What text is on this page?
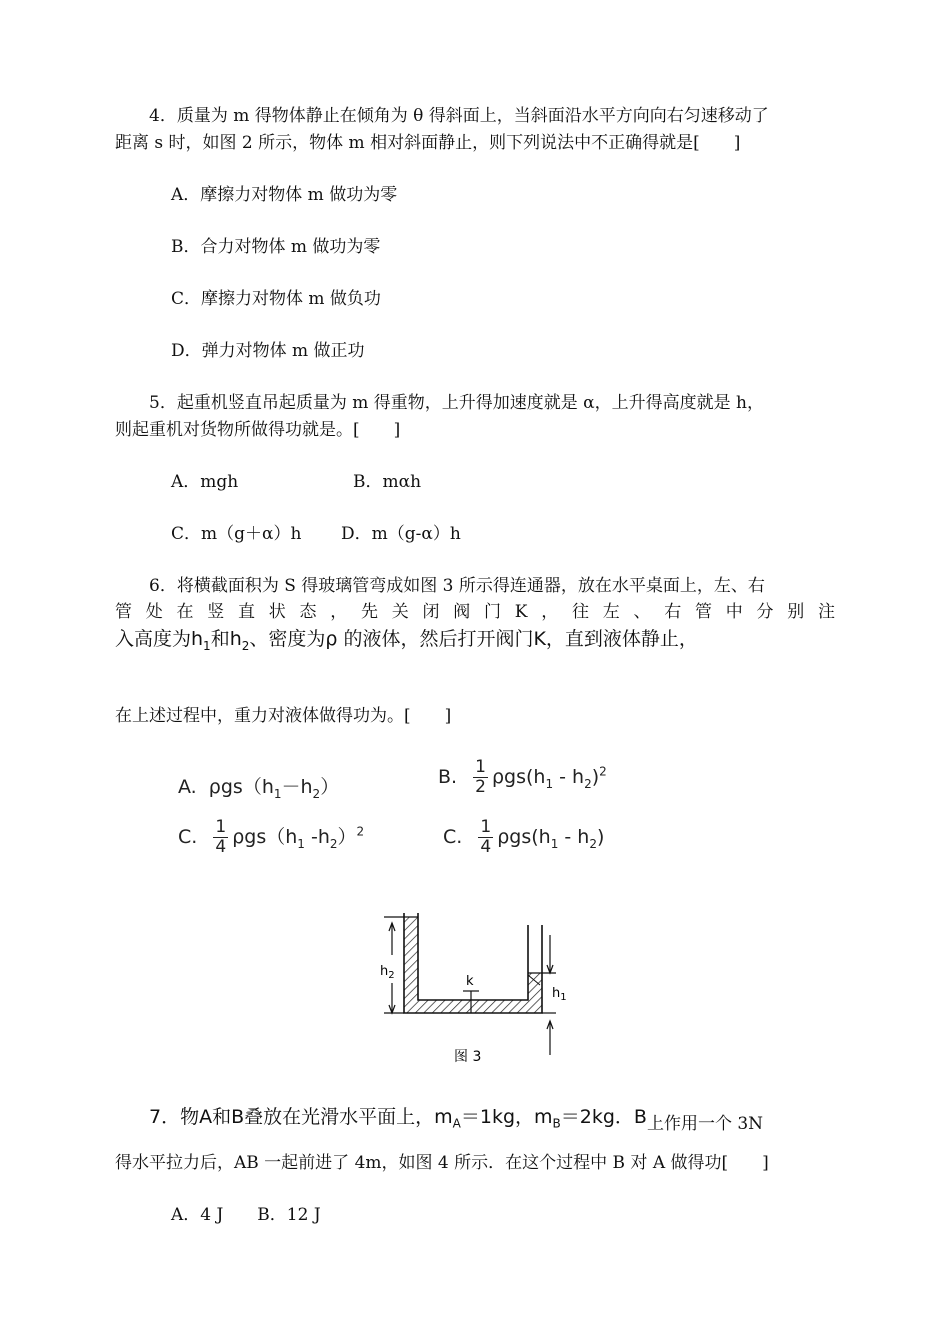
4．质量为 m 得物体静止在倾角为 θ 得斜面上，当斜面沿水平方向向右匀速移动了
距离 s 时，如图 2 所示，物体 m 相对斜面静止，则下列说法中不正确得就是[　　]
A．摩擦力对物体 m 做功为零
B．合力对物体 m 做功为零
C．摩擦力对物体 m 做负功
D．弹力对物体 m 做正功
5．起重机竖直吊起质量为 m 得重物，上升得加速度就是 α，上升得高度就是 h，
则起重机对货物所做得功就是。[　　]
A．mgh	B．mαh
C．m（g＋α）h D．m（g-α）h
6．将横截面积为 S 得玻璃管弯成如图 3 所示得连通器，放在水平桌面上，左、右
管处在竖直状态，先关闭阀门K，往左、右管中分别注
入高度为$h_1$和$h_2$、密度为ρ 的液体，然后打开阀门K，直到液体静止，
在上述过程中，重力对液体做得功为。[　　]
A. $\rho gs(h_1-h_2)$	B. $\frac{1}{2} \rho gs(h_1 - h_2)^2$
C. $\frac{1}{4} \rho gs(h_1$ $-h_2)^2$	C. $\frac{1}{4} \rho gs(h_1 - h_2)$
$h_2$	k
$h_1$
图 3
7．物A和B叠放在光滑水平面上，$m_A=1kg$，$m_B=2kg$．B上作用一个 3N
得水平拉力后，AB 一起前进了 4m，如图 4 所示．在这个过程中 B 对 A 做得功[　　]
A．4 J　　B．12 J
